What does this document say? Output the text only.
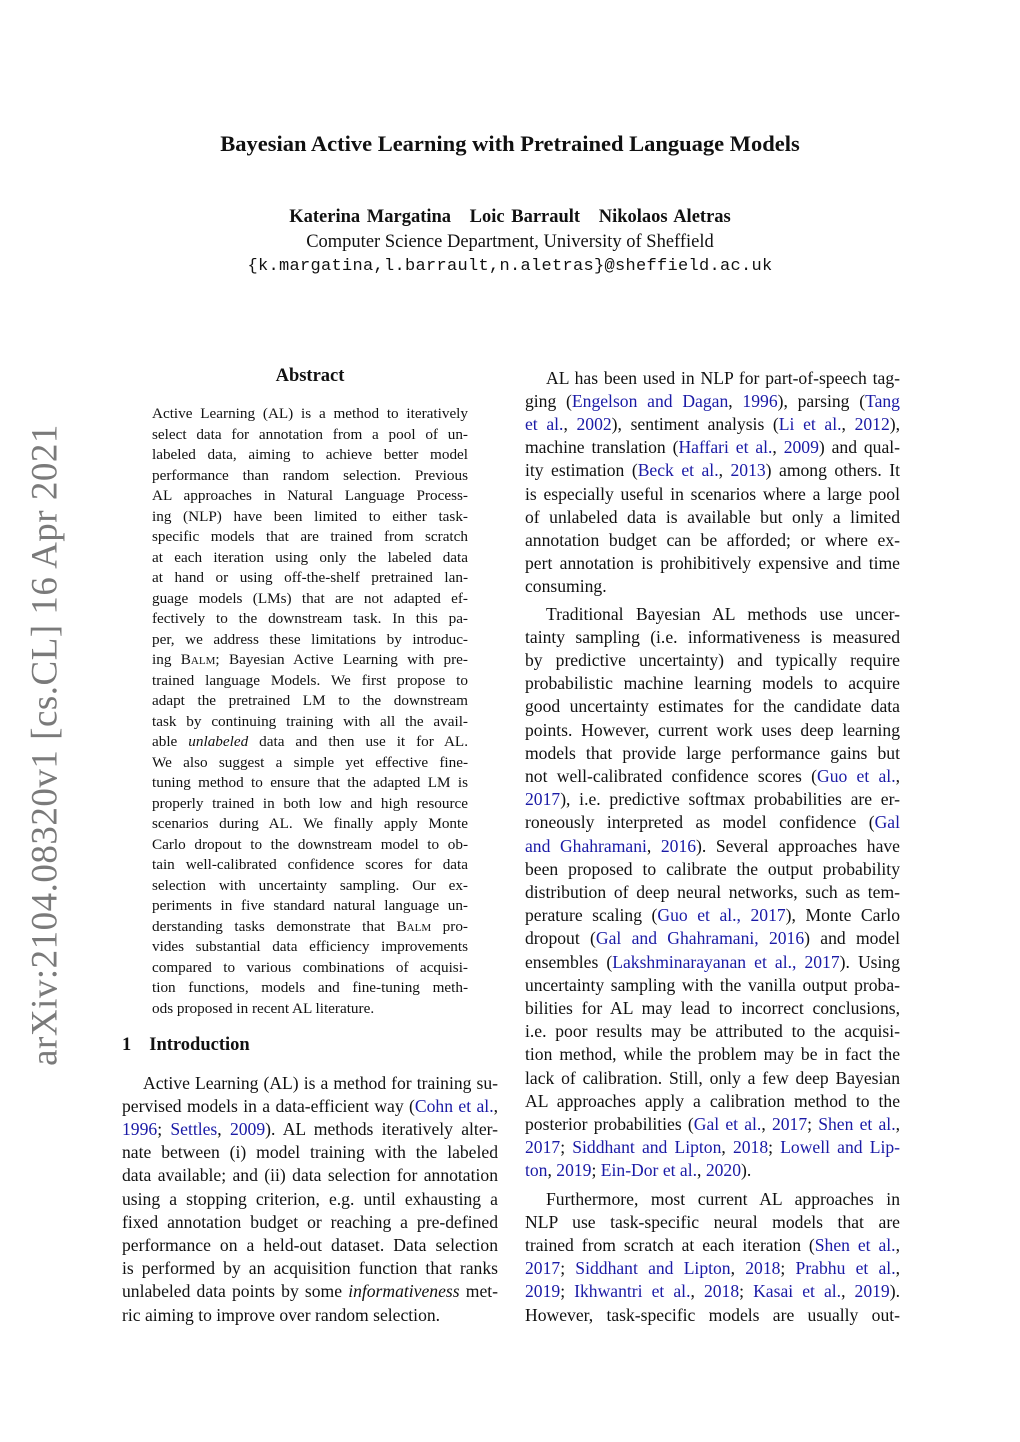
arXiv:2104.08320v1 [cs.CL] 16 Apr 2021
Bayesian Active Learning with Pretrained Language Models
Katerina Margatina Loic Barrault Nikolaos Aletras
Computer Science Department, University of Sheffield
{k.margatina,l.barrault,n.aletras}@sheffield.ac.uk
Abstract
Active Learning (AL) is a method to iteratively
select data for annotation from a pool of un-
labeled data, aiming to achieve better model
performance than random selection. Previous
AL approaches in Natural Language Process-
ing (NLP) have been limited to either task-
specific models that are trained from scratch
at each iteration using only the labeled data
at hand or using off-the-shelf pretrained lan-
guage models (LMs) that are not adapted ef-
fectively to the downstream task. In this pa-
per, we address these limitations by introduc-
ing Balm; Bayesian Active Learning with pre-
trained language Models. We first propose to
adapt the pretrained LM to the downstream
task by continuing training with all the avail-
able unlabeled data and then use it for AL.
We also suggest a simple yet effective fine-
tuning method to ensure that the adapted LM is
properly trained in both low and high resource
scenarios during AL. We finally apply Monte
Carlo dropout to the downstream model to ob-
tain well-calibrated confidence scores for data
selection with uncertainty sampling. Our ex-
periments in five standard natural language un-
derstanding tasks demonstrate that Balm pro-
vides substantial data efficiency improvements
compared to various combinations of acquisi-
tion functions, models and fine-tuning meth-
ods proposed in recent AL literature.
1 Introduction
Active Learning (AL) is a method for training su-
pervised models in a data-efficient way (Cohn et al.,
1996; Settles, 2009). AL methods iteratively alter-
nate between (i) model training with the labeled
data available; and (ii) data selection for annotation
using a stopping criterion, e.g. until exhausting a
fixed annotation budget or reaching a pre-defined
performance on a held-out dataset. Data selection
is performed by an acquisition function that ranks
unlabeled data points by some informativeness met-
ric aiming to improve over random selection.
AL has been used in NLP for part-of-speech tag-
ging (Engelson and Dagan, 1996), parsing (Tang
et al., 2002), sentiment analysis (Li et al., 2012),
machine translation (Haffari et al., 2009) and qual-
ity estimation (Beck et al., 2013) among others. It
is especially useful in scenarios where a large pool
of unlabeled data is available but only a limited
annotation budget can be afforded; or where ex-
pert annotation is prohibitively expensive and time
consuming.
Traditional Bayesian AL methods use uncer-
tainty sampling (i.e. informativeness is measured
by predictive uncertainty) and typically require
probabilistic machine learning models to acquire
good uncertainty estimates for the candidate data
points. However, current work uses deep learning
models that provide large performance gains but
not well-calibrated confidence scores (Guo et al.,
2017), i.e. predictive softmax probabilities are er-
roneously interpreted as model confidence (Gal
and Ghahramani, 2016). Several approaches have
been proposed to calibrate the output probability
distribution of deep neural networks, such as tem-
perature scaling (Guo et al., 2017), Monte Carlo
dropout (Gal and Ghahramani, 2016) and model
ensembles (Lakshminarayanan et al., 2017). Using
uncertainty sampling with the vanilla output proba-
bilities for AL may lead to incorrect conclusions,
i.e. poor results may be attributed to the acquisi-
tion method, while the problem may be in fact the
lack of calibration. Still, only a few deep Bayesian
AL approaches apply a calibration method to the
posterior probabilities (Gal et al., 2017; Shen et al.,
2017; Siddhant and Lipton, 2018; Lowell and Lip-
ton, 2019; Ein-Dor et al., 2020).
Furthermore, most current AL approaches in
NLP use task-specific neural models that are
trained from scratch at each iteration (Shen et al.,
2017; Siddhant and Lipton, 2018; Prabhu et al.,
2019; Ikhwantri et al., 2018; Kasai et al., 2019).
However, task-specific models are usually out-
